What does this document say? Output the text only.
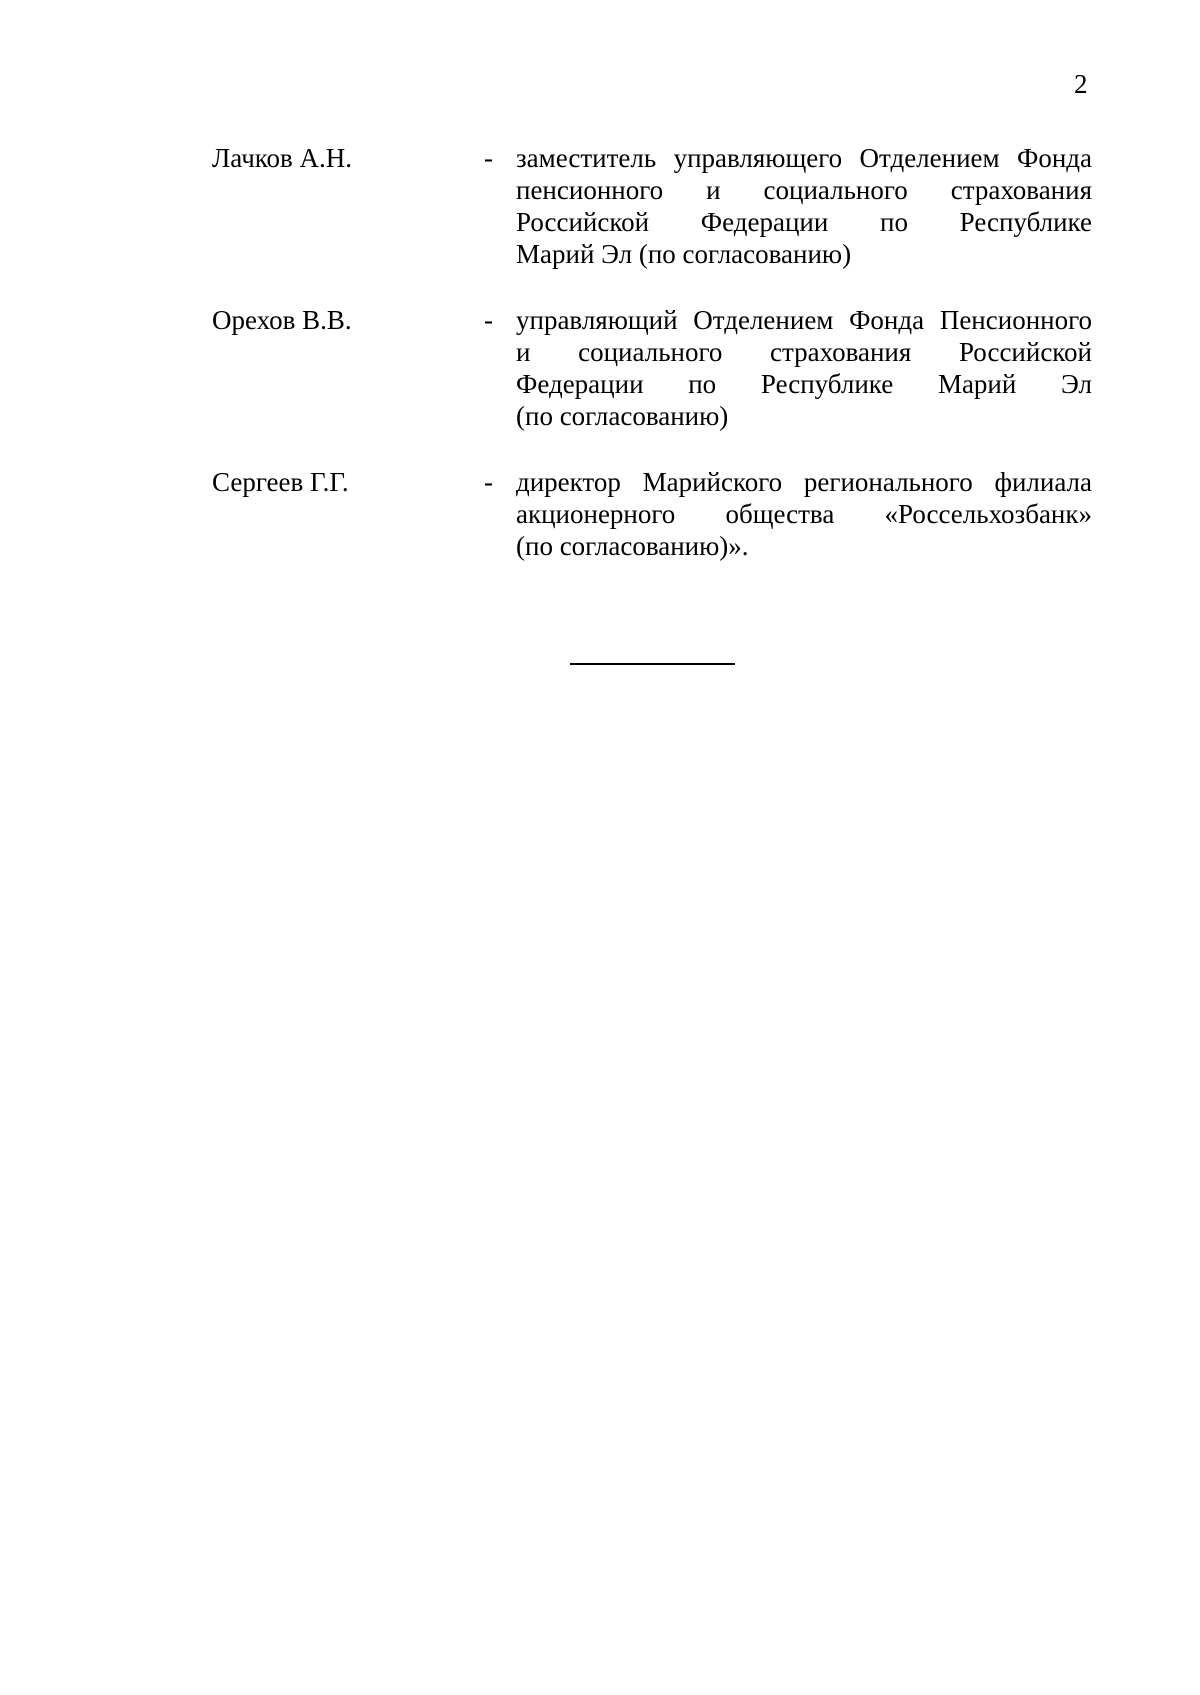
2
Лачков А.Н.	- заместитель управляющего Отделением Фонда
пенсионного и социального страхования
Российской Федерации по Республике
Марий Эл (по согласованию)
Орехов В.В.	- управляющий Отделением Фонда Пенсионного
и социального страхования Российской
Федерации по Республике Марий Эл
(по согласованию)
Сергеев Г.Г.	- директор Марийского регионального филиала
акционерного общества «Россельхозбанк»
(по согласованию)».
